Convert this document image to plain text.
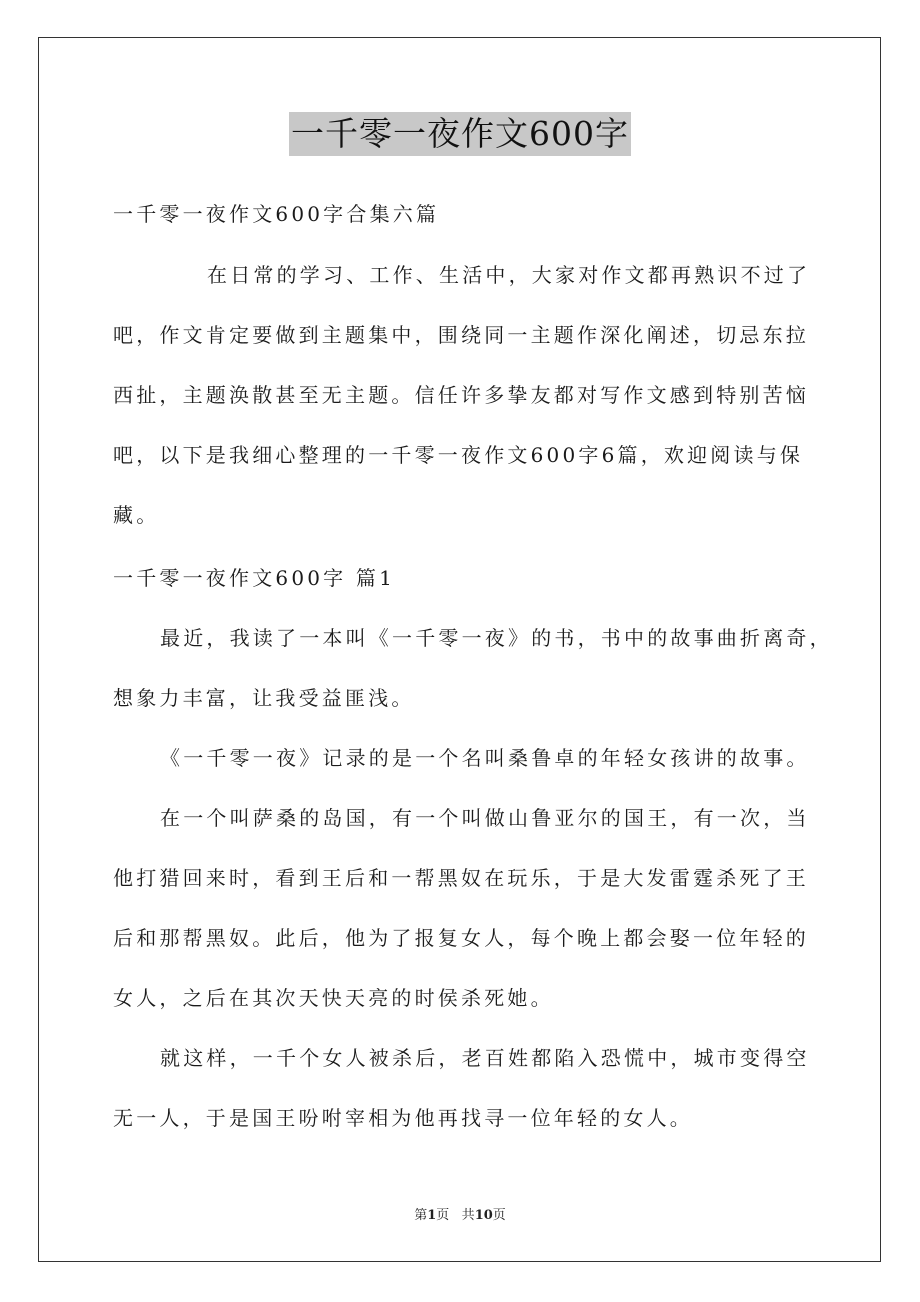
一千零一夜作文600字
一千零一夜作文600字合集六篇
在日常的学习、工作、生活中，大家对作文都再熟识不过了
吧，作文肯定要做到主题集中，围绕同一主题作深化阐述，切忌东拉
西扯，主题涣散甚至无主题。信任许多挚友都对写作文感到特别苦恼
吧，以下是我细心整理的一千零一夜作文600字6篇，欢迎阅读与保
藏。
一千零一夜作文600字 篇1
最近，我读了一本叫《一千零一夜》的书，书中的故事曲折离奇，
想象力丰富，让我受益匪浅。
《一千零一夜》记录的是一个名叫桑鲁卓的年轻女孩讲的故事。
在一个叫萨桑的岛国，有一个叫做山鲁亚尔的国王，有一次，当
他打猎回来时，看到王后和一帮黑奴在玩乐，于是大发雷霆杀死了王
后和那帮黑奴。此后，他为了报复女人，每个晚上都会娶一位年轻的
女人，之后在其次天快天亮的时侯杀死她。
就这样，一千个女人被杀后，老百姓都陷入恐慌中，城市变得空
无一人，于是国王吩咐宰相为他再找寻一位年轻的女人。
第1页 共10页
